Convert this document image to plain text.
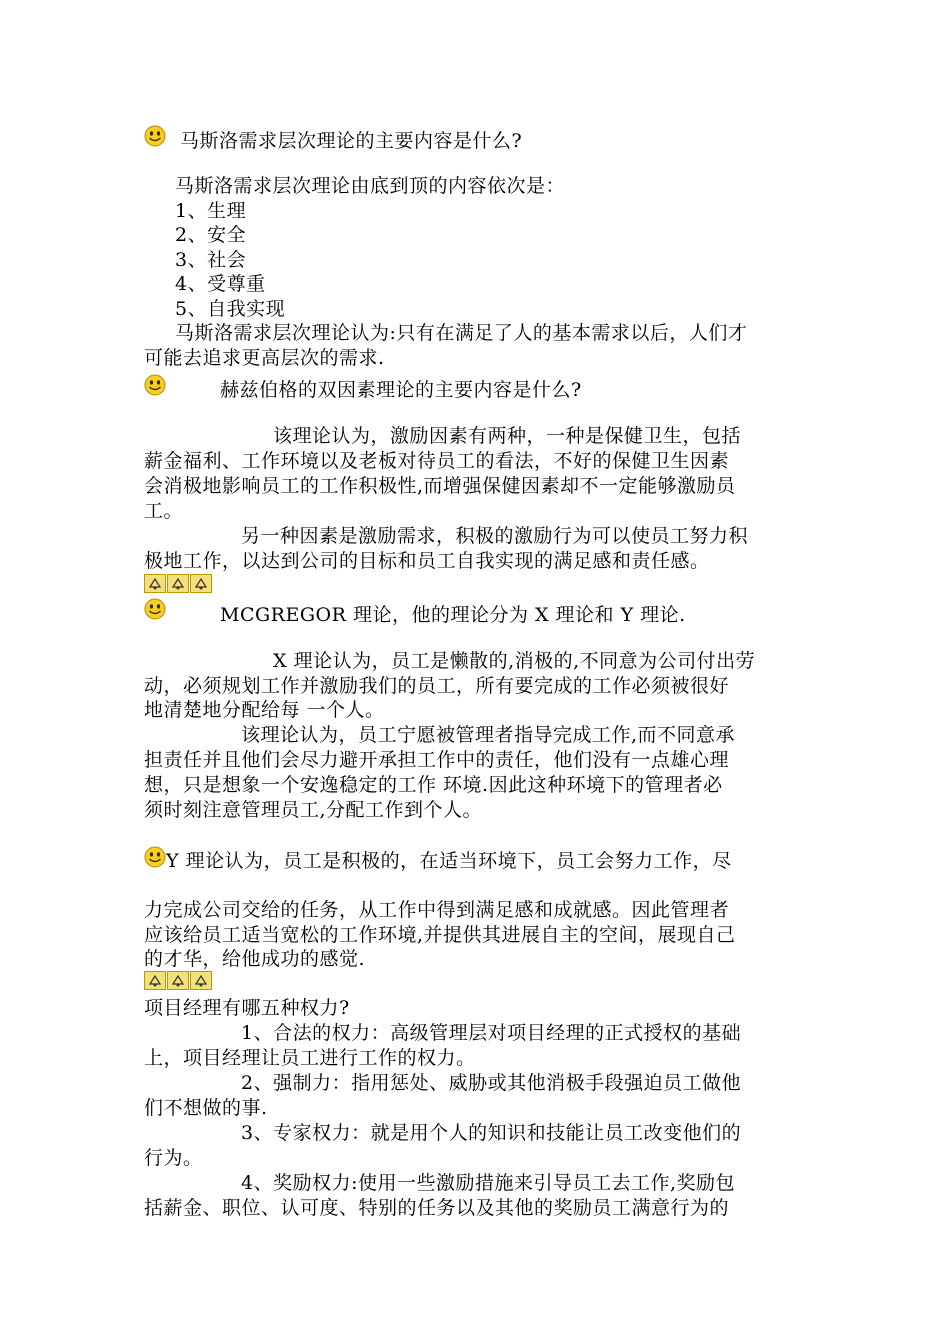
马斯洛需求层次理论的主要内容是什么?
马斯洛需求层次理论由底到顶的内容依次是：
1、生理
2、安全
3、社会
4、受尊重
5、自我实现
马斯洛需求层次理论认为:只有在满足了人的基本需求以后，人们才
可能去追求更高层次的需求.
赫兹伯格的双因素理论的主要内容是什么?
该理论认为，激励因素有两种，一种是保健卫生，包括
薪金福利、工作环境以及老板对待员工的看法，不好的保健卫生因素
会消极地影响员工的工作积极性,而增强保健因素却不一定能够激励员
工。
另一种因素是激励需求，积极的激励行为可以使员工努力积
极地工作，以达到公司的目标和员工自我实现的满足感和责任感。
MCGREGOR 理论，他的理论分为 X 理论和 Y 理论.
X 理论认为，员工是懒散的,消极的,不同意为公司付出劳
动，必须规划工作并激励我们的员工，所有要完成的工作必须被很好
地清楚地分配给每 一个人。
该理论认为，员工宁愿被管理者指导完成工作,而不同意承
担责任并且他们会尽力避开承担工作中的责任，他们没有一点雄心理
想，只是想象一个安逸稳定的工作 环境.因此这种环境下的管理者必
须时刻注意管理员工,分配工作到个人。
Y 理论认为，员工是积极的，在适当环境下，员工会努力工作，尽
力完成公司交给的任务，从工作中得到满足感和成就感。因此管理者
应该给员工适当宽松的工作环境,并提供其进展自主的空间，展现自己
的才华，给他成功的感觉.
项目经理有哪五种权力?
1、合法的权力：高级管理层对项目经理的正式授权的基础
上，项目经理让员工进行工作的权力。
2、强制力：指用惩处、威胁或其他消极手段强迫员工做他
们不想做的事.
3、专家权力：就是用个人的知识和技能让员工改变他们的
行为。
4、奖励权力:使用一些激励措施来引导员工去工作,奖励包
括薪金、职位、认可度、特别的任务以及其他的奖励员工满意行为的
